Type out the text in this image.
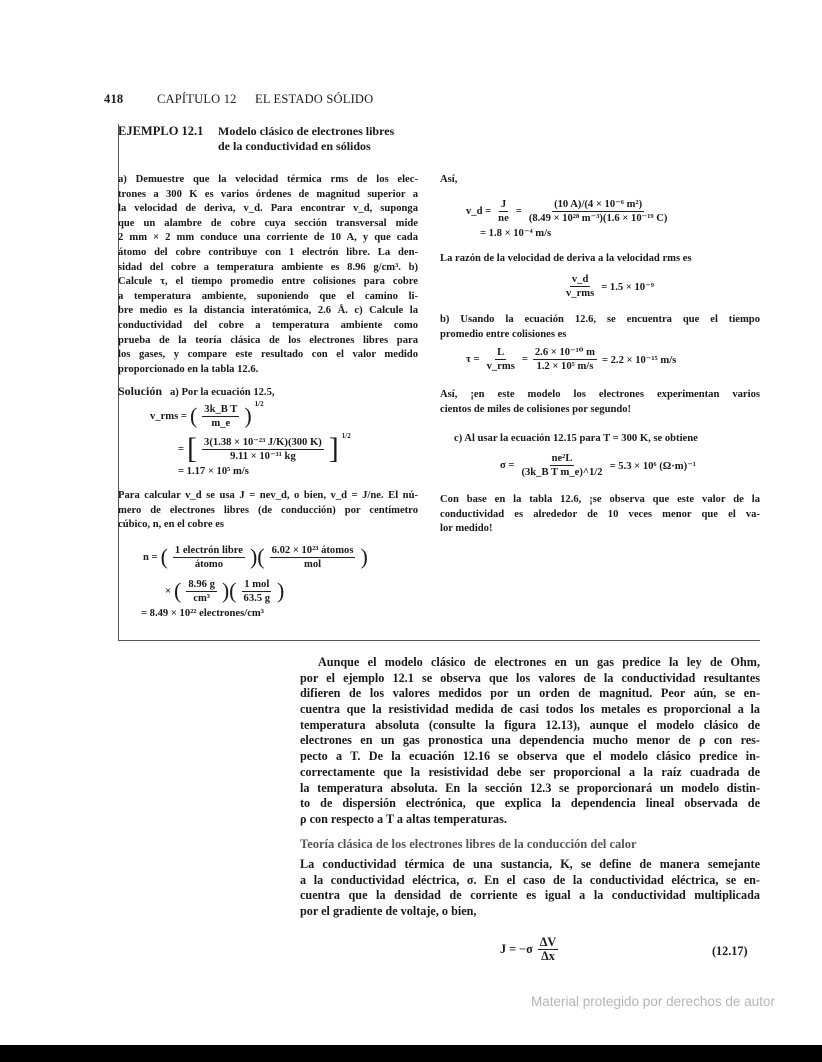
418	CAPÍTULO 12 EL ESTADO SÓLIDO
EJEMPLO 12.1 Modelo clásico de electrones libres de la conductividad en sólidos
a) Demuestre que la velocidad térmica rms de los elec-
trones a 300 K es varios órdenes de magnitud superior a
la velocidad de deriva, v_d. Para encontrar v_d, suponga
que un alambre de cobre cuya sección transversal mide
2 mm × 2 mm conduce una corriente de 10 A, y que cada
átomo del cobre contribuye con 1 electrón libre. La den-
sidad del cobre a temperatura ambiente es 8.96 g/cm³. b)
Calcule τ, el tiempo promedio entre colisiones para cobre
a temperatura ambiente, suponiendo que el camino li-
bre medio es la distancia interatómica, 2.6 Å. c) Calcule la
conductividad del cobre a temperatura ambiente como
prueba de la teoría clásica de los electrones libres para
los gases, y compare este resultado con el valor medido
proporcionado en la tabla 12.6.
Solución a) Por la ecuación 12.5,
v_rms = ( $\frac{\text{3k\_B T}}{m\_e}$ ) $^{1/2}$
= [ $\frac{\text{3(1.38 × 10⁻²³ J/K)(300 K)}}{\text{9.11 × 10⁻³¹ kg}}$ ] $^{1/2}$
= 1.17 × 10⁵ m/s
Para calcular v_d se usa J = nev_d, o bien, v_d = J/ne. El nú-
mero de electrones libres (de conducción) por centímetro
cúbico, n, en el cobre es
n = ( $\frac{\text{1 electrón libre}}{\text{átomo}}$ )( $\frac{\text{6.02 × 10²³ átomos}}{\text{mol}}$ )
× ( $\frac{8.96 g}{\text{cm³}}$ )( $\frac{\text{1 mol}}{63.5 g}$ )
= 8.49 × 10²² electrones/cm³
Así,
v_d = $\frac{J}{ne} = \frac{\text{(10 A)/(4 × 10⁻⁶ m²)}}{\text{(8.49 × 10²⁸ m⁻³)(1.6 × 10⁻¹⁹ C)}}$
= 1.8 × 10⁻⁴ m/s
La razón de la velocidad de deriva a la velocidad rms es
$\frac{v\_d}{\text{v\_rms}} = 1.5 \times 10^{-9}$
b) Usando la ecuación 12.6, se encuentra que el tiempo
promedio entre colisiones es
$\tau = \frac{L}{\text{v\_rms}} = \frac{\text{2.6 × 10⁻¹⁰ m}}{\text{1.2 × 10⁵ m/s}} = 2.2 \times 10^{-15}$ m/s
Así, ¡en este modelo los electrones experimentan varios
cientos de miles de colisiones por segundo!
c) Al usar la ecuación 12.15 para T = 300 K, se obtiene
$\sigma = \frac{\text{ne²L}}{\text{(3k\_B T m\_e)\textasciicircum{}1/2}} = 5.3 \times 10^6$ (Ω·m)⁻¹
Con base en la tabla 12.6, ¡se observa que este valor de la
conductividad es alrededor de 10 veces menor que el va-
lor medido!
Aunque el modelo clásico de electrones en un gas predice la ley de Ohm,
por el ejemplo 12.1 se observa que los valores de la conductividad resultantes
difieren de los valores medidos por un orden de magnitud. Peor aún, se en-
cuentra que la resistividad medida de casi todos los metales es proporcional a la
temperatura absoluta (consulte la figura 12.13), aunque el modelo clásico de
electrones en un gas pronostica una dependencia mucho menor de ρ con res-
pecto a T. De la ecuación 12.16 se observa que el modelo clásico predice in-
correctamente que la resistividad debe ser proporcional a la raíz cuadrada de
la temperatura absoluta. En la sección 12.3 se proporcionará un modelo distin-
to de dispersión electrónica, que explica la dependencia lineal observada de
ρ con respecto a T a altas temperaturas.
Teoría clásica de los electrones libres de la conducción del calor
La conductividad térmica de una sustancia, K, se define de manera semejante
a la conductividad eléctrica, σ. En el caso de la conductividad eléctrica, se en-
cuentra que la densidad de corriente es igual a la conductividad multiplicada
por el gradiente de voltaje, o bien,
$J = -\sigma \frac{\Delta V}{\Delta x}$	(12.17)
Material protegido por derechos de autor
